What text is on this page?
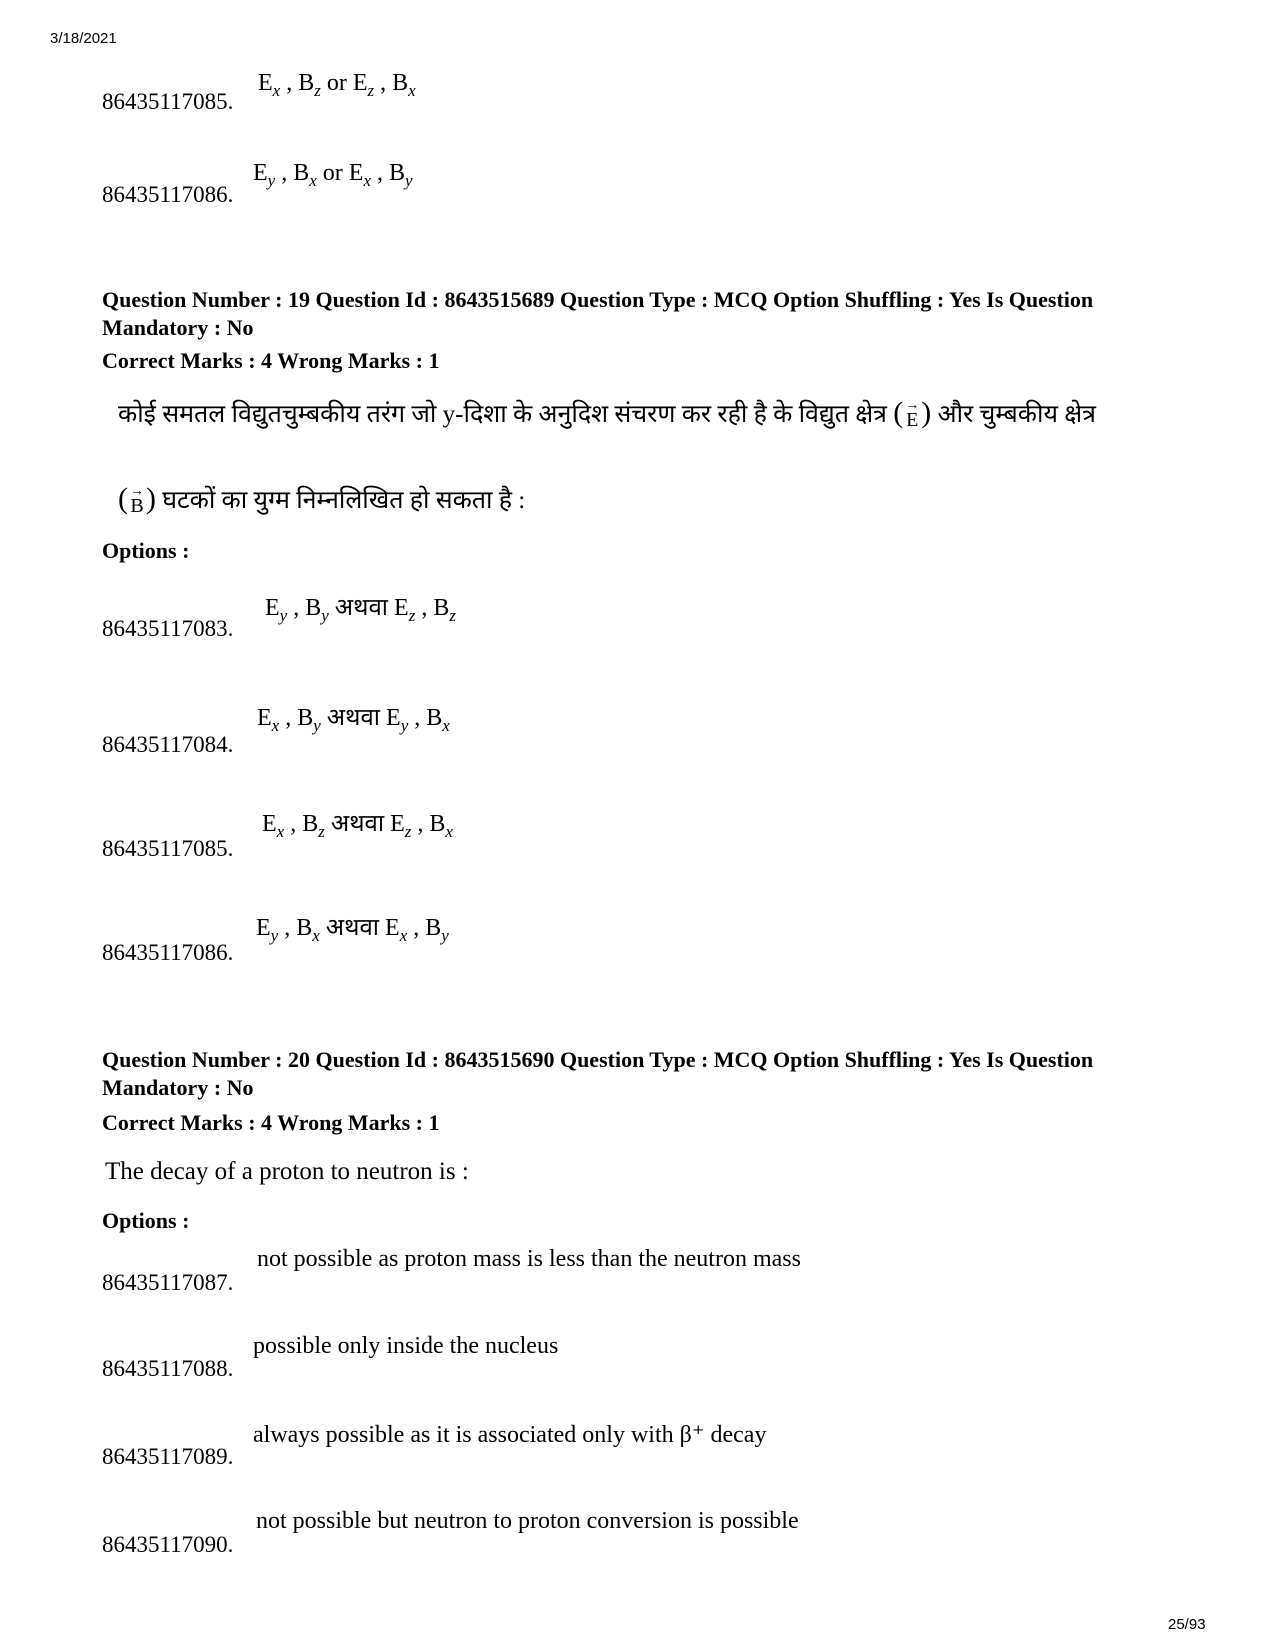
3/18/2021
25/93
86435117085.
$E_x$ , $B_z$ or $E_z$ , $B_x$
86435117086.
$E_y$ , $B_x$ or $E_x$ , $B_y$
Question Number : 19 Question Id : 8643515689 Question Type : MCQ Option Shuffling : Yes Is Question Mandatory : No
Correct Marks : 4 Wrong Marks : 1
कोई समतल विद्युतचुम्बकीय तरंग जो y-दिशा के अनुदिश संचरण कर रही है के विद्युत क्षेत्र ( →
E ) और चुम्बकीय क्षेत्र
( →
B ) घटकों का युग्म निम्नलिखित हो सकता है :
Options :
86435117083.
$E_y$ , $B_y$ अथवा $E_z$ , $B_z$
86435117084.
$E_x$ , $B_y$ अथवा $E_y$ , $B_x$
86435117085.
$E_x$ , $B_z$ अथवा $E_z$ , $B_x$
86435117086.
$E_y$ , $B_x$ अथवा $E_x$ , $B_y$
Question Number : 20 Question Id : 8643515690 Question Type : MCQ Option Shuffling : Yes Is Question Mandatory : No
Correct Marks : 4 Wrong Marks : 1
The decay of a proton to neutron is :
Options :
86435117087.
not possible as proton mass is less than the neutron mass
86435117088.
possible only inside the nucleus
86435117089.
always possible as it is associated only with β⁺ decay
86435117090.
not possible but neutron to proton conversion is possible
